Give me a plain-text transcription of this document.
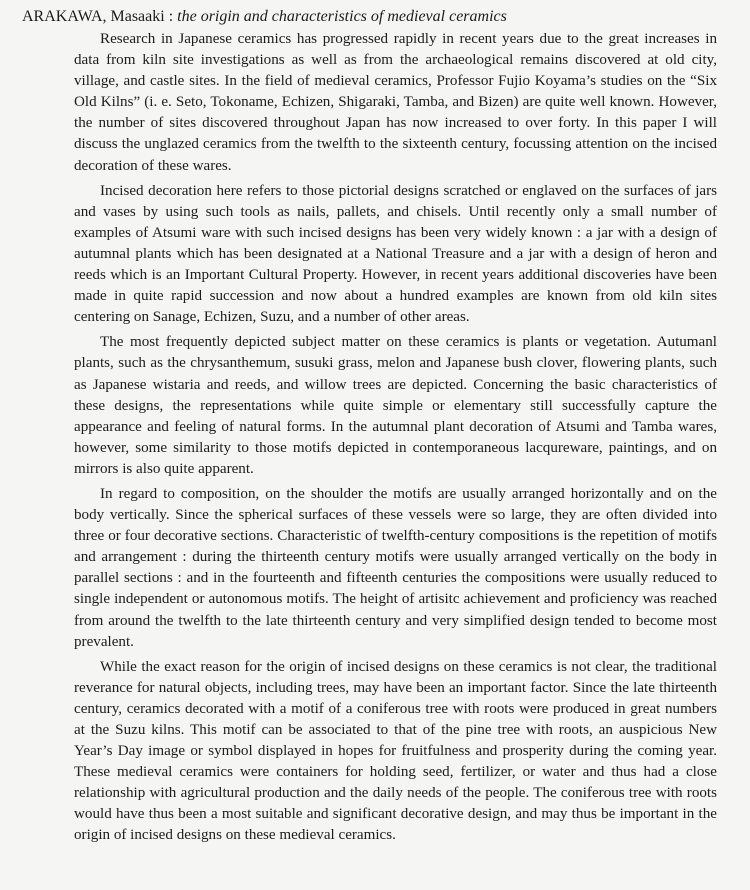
ARAKAWA, Masaaki : the origin and characteristics of medieval ceramics

Research in Japanese ceramics has progressed rapidly in recent years due to the great increases in data from kiln site investigations as well as from the archaeological remains discovered at old city, village, and castle sites. In the field of medieval ceramics, Professor Fujio Koyama’s studies on the “Six Old Kilns” (i. e. Seto, Tokoname, Echizen, Shigaraki, Tamba, and Bizen) are quite well known. However, the number of sites discovered throughout Japan has now increased to over forty. In this paper I will discuss the unglazed ceramics from the twelfth to the sixteenth century, focussing attention on the incised decoration of these wares.

Incised decoration here refers to those pictorial designs scratched or englaved on the surfaces of jars and vases by using such tools as nails, pallets, and chisels. Until recently only a small number of examples of Atsumi ware with such incised designs has been very widely known : a jar with a design of autumnal plants which has been designated at a National Treasure and a jar with a design of heron and reeds which is an Important Cultural Property. However, in recent years additional discoveries have been made in quite rapid succession and now about a hundred examples are known from old kiln sites centering on Sanage, Echizen, Suzu, and a number of other areas.

The most frequently depicted subject matter on these ceramics is plants or vegetation. Autumanl plants, such as the chrysanthemum, susuki grass, melon and Japanese bush clover, flowering plants, such as Japanese wistaria and reeds, and willow trees are depicted. Concerning the basic characteristics of these designs, the representations while quite simple or elementary still successfully capture the appearance and feeling of natural forms. In the autumnal plant decoration of Atsumi and Tamba wares, however, some similarity to those motifs depicted in contemporaneous lacqureware, paintings, and on mirrors is also quite apparent.

In regard to composition, on the shoulder the motifs are usually arranged horizontally and on the body vertically. Since the spherical surfaces of these vessels were so large, they are often divided into three or four decorative sections. Characteristic of twelfth-century compositions is the repetition of motifs and arrangement : during the thirteenth century motifs were usually arranged vertically on the body in parallel sections : and in the fourteenth and fifteenth centuries the compositions were usually reduced to single independent or autonomous motifs. The height of artisitc achievement and proficiency was reached from around the twelfth to the late thirteenth century and very simplified design tended to become most prevalent.

While the exact reason for the origin of incised designs on these ceramics is not clear, the traditional reverance for natural objects, including trees, may have been an important factor. Since the late thirteenth century, ceramics decorated with a motif of a coniferous tree with roots were produced in great numbers at the Suzu kilns. This motif can be associated to that of the pine tree with roots, an auspicious New Year’s Day image or symbol displayed in hopes for fruitfulness and prosperity during the coming year. These medieval ceramics were containers for holding seed, fertilizer, or water and thus had a close relationship with agricultural production and the daily needs of the people. The coniferous tree with roots would have thus been a most suitable and significant decorative design, and may thus be important in the origin of incised designs on these medieval ceramics.
